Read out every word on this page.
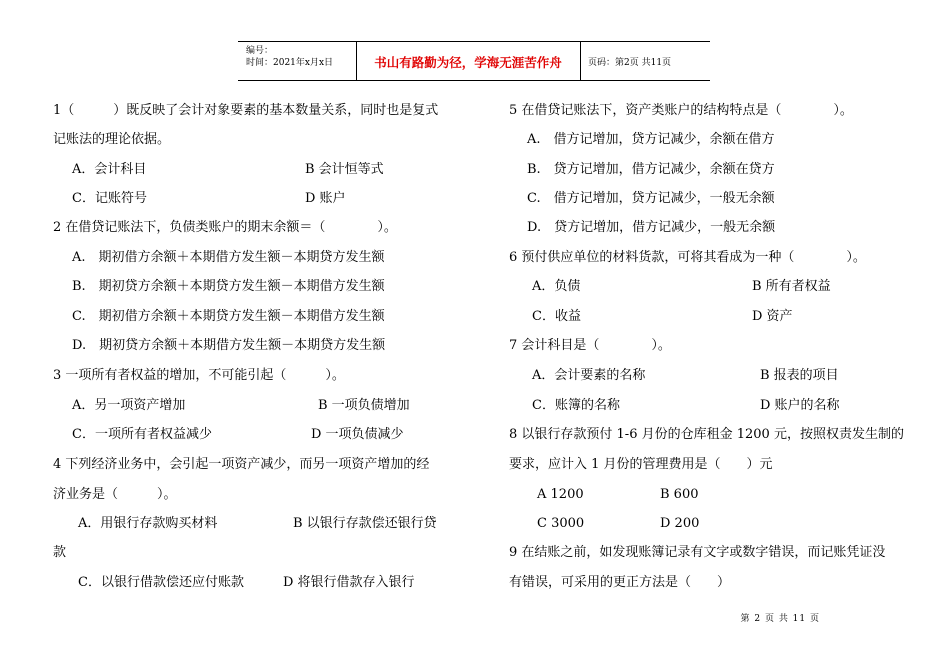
编号：
时间：2021年x月x日	书山有路勤为径，学海无涯苦作舟	页码：第2页 共11页
1（　　　）既反映了会计对象要素的基本数量关系，同时也是复式
记账法的理论依据。
A．会计科目	B 会计恒等式
C．记账符号	D 账户
2 在借贷记账法下，负债类账户的期末余额＝（　　　　）。
A.　期初借方余额＋本期借方发生额－本期贷方发生额
B.　期初贷方余额＋本期贷方发生额－本期借方发生额
C.　期初借方余额＋本期贷方发生额－本期借方发生额
D.　期初贷方余额＋本期借方发生额－本期贷方发生额
3 一项所有者权益的增加，不可能引起（　　　）。
A．另一项资产增加	B 一项负债增加
C．一项所有者权益减少	D 一项负债减少
4 下列经济业务中，会引起一项资产减少，而另一项资产增加的经
济业务是（　　　）。
A．用银行存款购买材料	B 以银行存款偿还银行贷
款
C．以银行借款偿还应付账款	D 将银行借款存入银行
5 在借贷记账法下，资产类账户的结构特点是（　　　　）。
A.　借方记增加，贷方记减少，余额在借方
B.　贷方记增加，借方记减少，余额在贷方
C.　借方记增加，贷方记减少，一般无余额
D.　贷方记增加，借方记减少，一般无余额
6 预付供应单位的材料货款，可将其看成为一种（　　　　）。
A．负债	B 所有者权益
C．收益	D 资产
7 会计科目是（　　　　）。
A．会计要素的名称	B 报表的项目
C．账簿的名称	D 账户的名称
8 以银行存款预付 1-6 月份的仓库租金 1200 元，按照权责发生制的
要求，应计入 1 月份的管理费用是（　　）元
A 1200	B 600
C 3000	D 200
9 在结账之前，如发现账簿记录有文字或数字错误，而记账凭证没
有错误，可采用的更正方法是（　　）
第 2 页 共 11 页
